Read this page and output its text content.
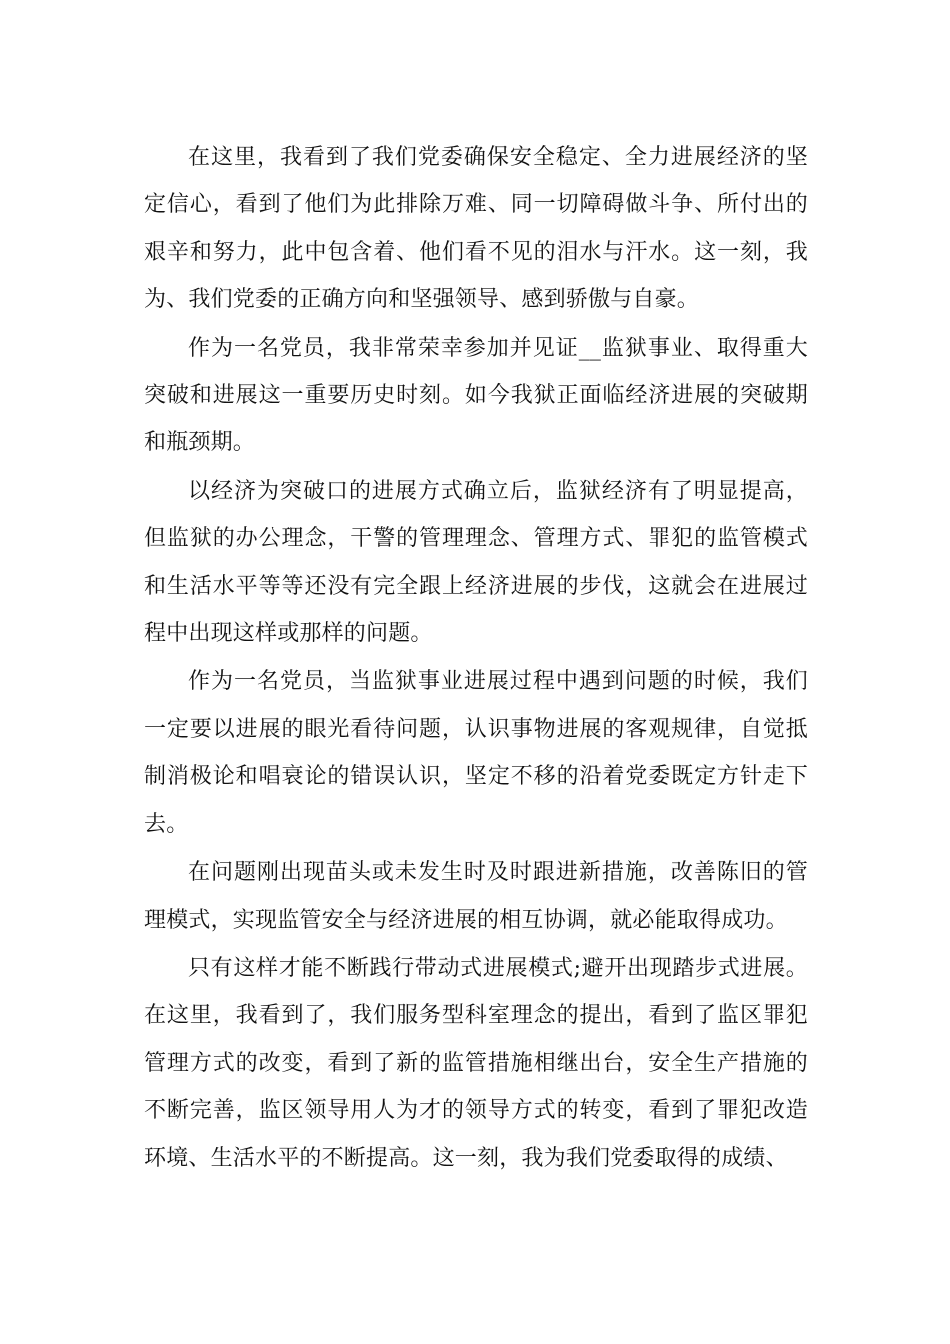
在这里，我看到了我们党委确保安全稳定、全力进展经济的坚定信心，看到了他们为此排除万难、同一切障碍做斗争、所付出的艰辛和努力，此中包含着、他们看不见的泪水与汗水。这一刻，我为、我们党委的正确方向和坚强领导、感到骄傲与自豪。

作为一名党员，我非常荣幸参加并见证__监狱事业、取得重大突破和进展这一重要历史时刻。如今我狱正面临经济进展的突破期和瓶颈期。

以经济为突破口的进展方式确立后，监狱经济有了明显提高，但监狱的办公理念，干警的管理理念、管理方式、罪犯的监管模式和生活水平等等还没有完全跟上经济进展的步伐，这就会在进展过程中出现这样或那样的问题。

作为一名党员，当监狱事业进展过程中遇到问题的时候，我们一定要以进展的眼光看待问题，认识事物进展的客观规律，自觉抵制消极论和唱衰论的错误认识，坚定不移的沿着党委既定方针走下去。

在问题刚出现苗头或未发生时及时跟进新措施，改善陈旧的管理模式，实现监管安全与经济进展的相互协调，就必能取得成功。

只有这样才能不断践行带动式进展模式;避开出现踏步式进展。在这里，我看到了，我们服务型科室理念的提出，看到了监区罪犯管理方式的改变，看到了新的监管措施相继出台，安全生产措施的不断完善，监区领导用人为才的领导方式的转变，看到了罪犯改造环境、生活水平的不断提高。这一刻，我为我们党委取得的成绩、
